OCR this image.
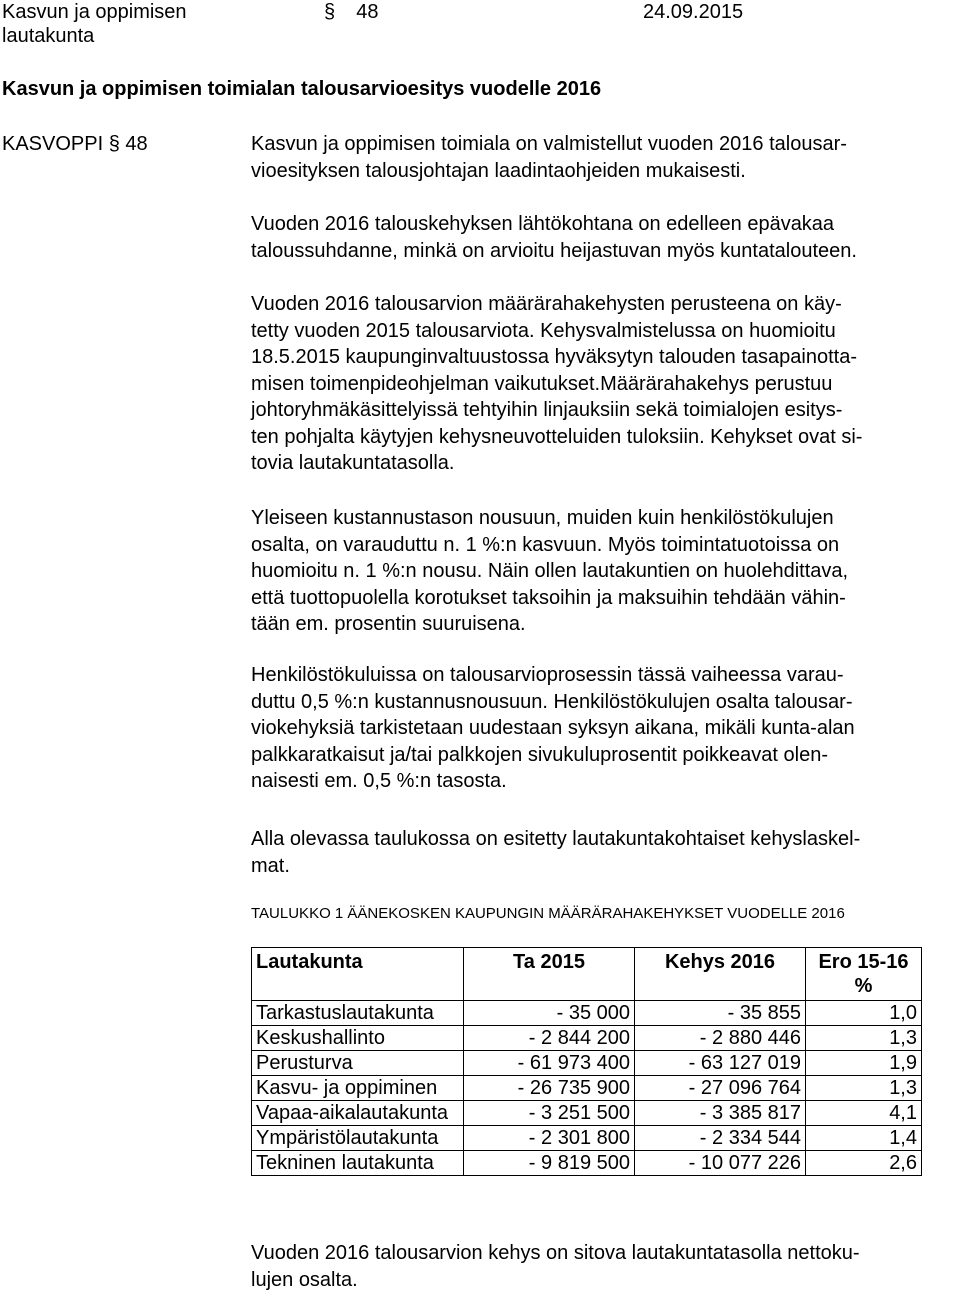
Kasvun ja oppimisen
lautakunta
§ 48	24.09.2015
Kasvun ja oppimisen toimialan talousarvioesitys vuodelle 2016
KASVOPPI § 48	Kasvun ja oppimisen toimiala on valmistellut vuoden 2016 talousar-

vioesityksen talousjohtajan laadintaohjeiden mukaisesti.

Vuoden 2016 talouskehyksen lähtökohtana on edelleen epävakaa

taloussuhdanne, minkä on arvioitu heijastuvan myös kuntatalouteen.

Vuoden 2016 talousarvion määrärahakehysten perusteena on käy-

tetty vuoden 2015 talousarviota. Kehysvalmistelussa on huomioitu

18.5.2015 kaupunginvaltuustossa hyväksytyn talouden tasapainotta-

misen toimenpideohjelman vaikutukset.Määrärahakehys perustuu

johtoryhmäkäsittelyissä tehtyihin linjauksiin sekä toimialojen esitys-

ten pohjalta käytyjen kehysneuvotteluiden tuloksiin. Kehykset ovat si-

tovia lautakuntatasolla.

Yleiseen kustannustason nousuun, muiden kuin henkilöstökulujen

osalta, on varauduttu n. 1 %:n kasvuun. Myös toimintatuotoissa on

huomioitu n. 1 %:n nousu. Näin ollen lautakuntien on huolehdittava,

että tuottopuolella korotukset taksoihin ja maksuihin tehdään vähin-

tään em. prosentin suuruisena.

Henkilöstökuluissa on talousarvioprosessin tässä vaiheessa varau-

duttu 0,5 %:n kustannusnousuun. Henkilöstökulujen osalta talousar-

viokehyksiä tarkistetaan uudestaan syksyn aikana, mikäli kunta-alan

palkkaratkaisut ja/tai palkkojen sivukuluprosentit poikkeavat olen-

naisesti em. 0,5 %:n tasosta.

Alla olevassa taulukossa on esitetty lautakuntakohtaiset kehyslaskel-

mat.

TAULUKKO 1 ÄÄNEKOSKEN KAUPUNGIN MÄÄRÄRAHAKEHYKSET VUODELLE 2016
Lautakunta	Ta 2015	Kehys 2016	Ero 15-16 %
Tarkastuslautakunta	- 35 000	- 35 855	1,0
Keskushallinto	- 2 844 200	- 2 880 446	1,3
Perusturva	- 61 973 400	- 63 127 019	1,9
Kasvu- ja oppiminen	- 26 735 900	- 27 096 764	1,3
Vapaa-aikalautakunta	- 3 251 500	- 3 385 817	4,1
Ympäristölautakunta	- 2 301 800	- 2 334 544	1,4
Tekninen lautakunta	- 9 819 500	- 10 077 226	2,6

Vuoden 2016 talousarvion kehys on sitova lautakuntatasolla nettoku-

lujen osalta.
